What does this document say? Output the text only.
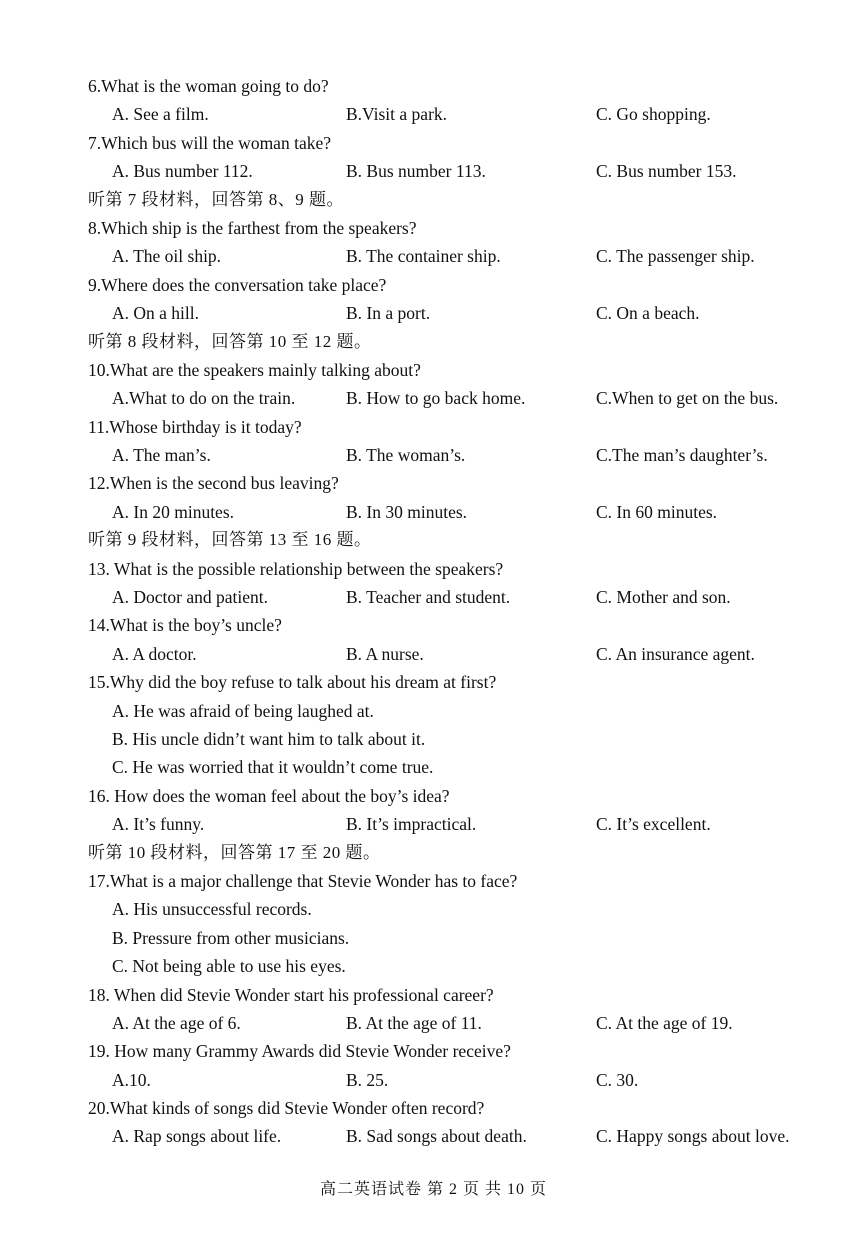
6.What is the woman going to do?
A. See a film.	B.Visit a park.	C. Go shopping.
7.Which bus will the woman take?
A. Bus number 112.	B. Bus number 113.	C. Bus number 153.
听第 7 段材料，回答第 8、9 题。
8.Which ship is the farthest from the speakers?
A. The oil ship.	B. The container ship.	C. The passenger ship.
9.Where does the conversation take place?
A. On a hill.	B. In a port.	C. On a beach.
听第 8 段材料，回答第 10 至 12 题。
10.What are the speakers mainly talking about?
A.What to do on the train.	B. How to go back home.	C.When to get on the bus.
11.Whose birthday is it today?
A. The man’s.	B. The woman’s.	C.The man’s daughter’s.
12.When is the second bus leaving?
A. In 20 minutes.	B. In 30 minutes.	C. In 60 minutes.
听第 9 段材料，回答第 13 至 16 题。
13. What is the possible relationship between the speakers?
A. Doctor and patient.	B. Teacher and student.	C. Mother and son.
14.What is the boy’s uncle?
A. A doctor.	B. A nurse.	C. An insurance agent.
15.Why did the boy refuse to talk about his dream at first?
A. He was afraid of being laughed at.
B. His uncle didn’t want him to talk about it.
C. He was worried that it wouldn’t come true.
16. How does the woman feel about the boy’s idea?
A. It’s funny.	B. It’s impractical.	C. It’s excellent.
听第 10 段材料，回答第 17 至 20 题。
17.What is a major challenge that Stevie Wonder has to face?
A. His unsuccessful records.
B. Pressure from other musicians.
C. Not being able to use his eyes.
18. When did Stevie Wonder start his professional career?
A. At the age of 6.	B. At the age of 11.	C. At the age of 19.
19. How many Grammy Awards did Stevie Wonder receive?
A.10.	B. 25.	C. 30.
20.What kinds of songs did Stevie Wonder often record?
A. Rap songs about life.	B. Sad songs about death.	C. Happy songs about love.
高二英语试卷 第 2 页 共 10 页
